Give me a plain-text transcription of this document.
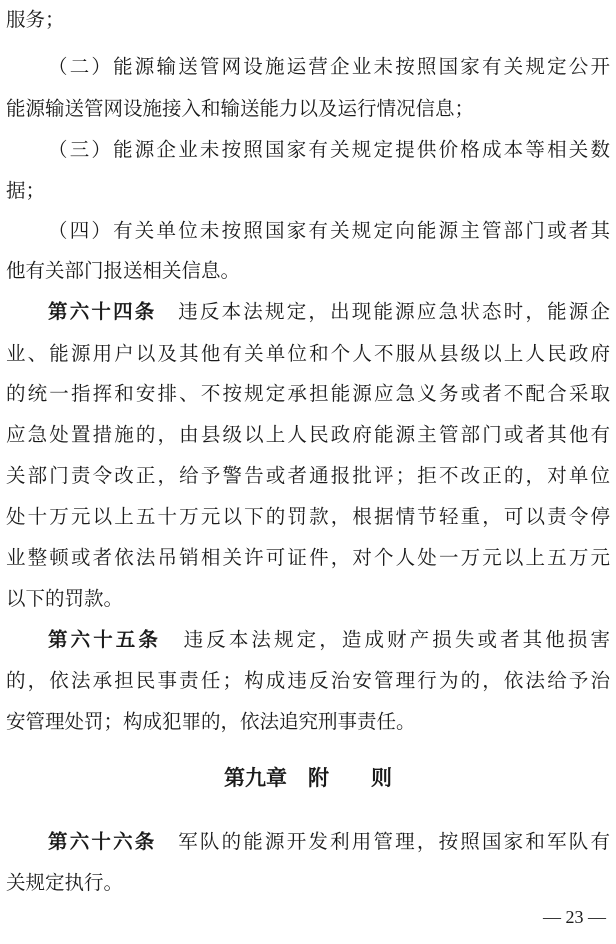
服务；
（二）能源输送管网设施运营企业未按照国家有关规定公开
能源输送管网设施接入和输送能力以及运行情况信息；
（三）能源企业未按照国家有关规定提供价格成本等相关数
据；
（四）有关单位未按照国家有关规定向能源主管部门或者其
他有关部门报送相关信息。
第六十四条　 违反本法规定，出现能源应急状态时，能源企
业、能源用户以及其他有关单位和个人不服从县级以上人民政府
的统一指挥和安排、不按规定承担能源应急义务或者不配合采取
应急处置措施的，由县级以上人民政府能源主管部门或者其他有
关部门责令改正，给予警告或者通报批评；拒不改正的，对单位
处十万元以上五十万元以下的罚款，根据情节轻重，可以责令停
业整顿或者依法吊销相关许可证件，对个人处一万元以上五万元
以下的罚款。
第六十五条　 违反本法规定，造成财产损失或者其他损害
的，依法承担民事责任；构成违反治安管理行为的，依法给予治
安管理处罚；构成犯罪的，依法追究刑事责任。
第九章　附　　则
第六十六条　 军队的能源开发利用管理，按照国家和军队有
关规定执行。
— 23 —
